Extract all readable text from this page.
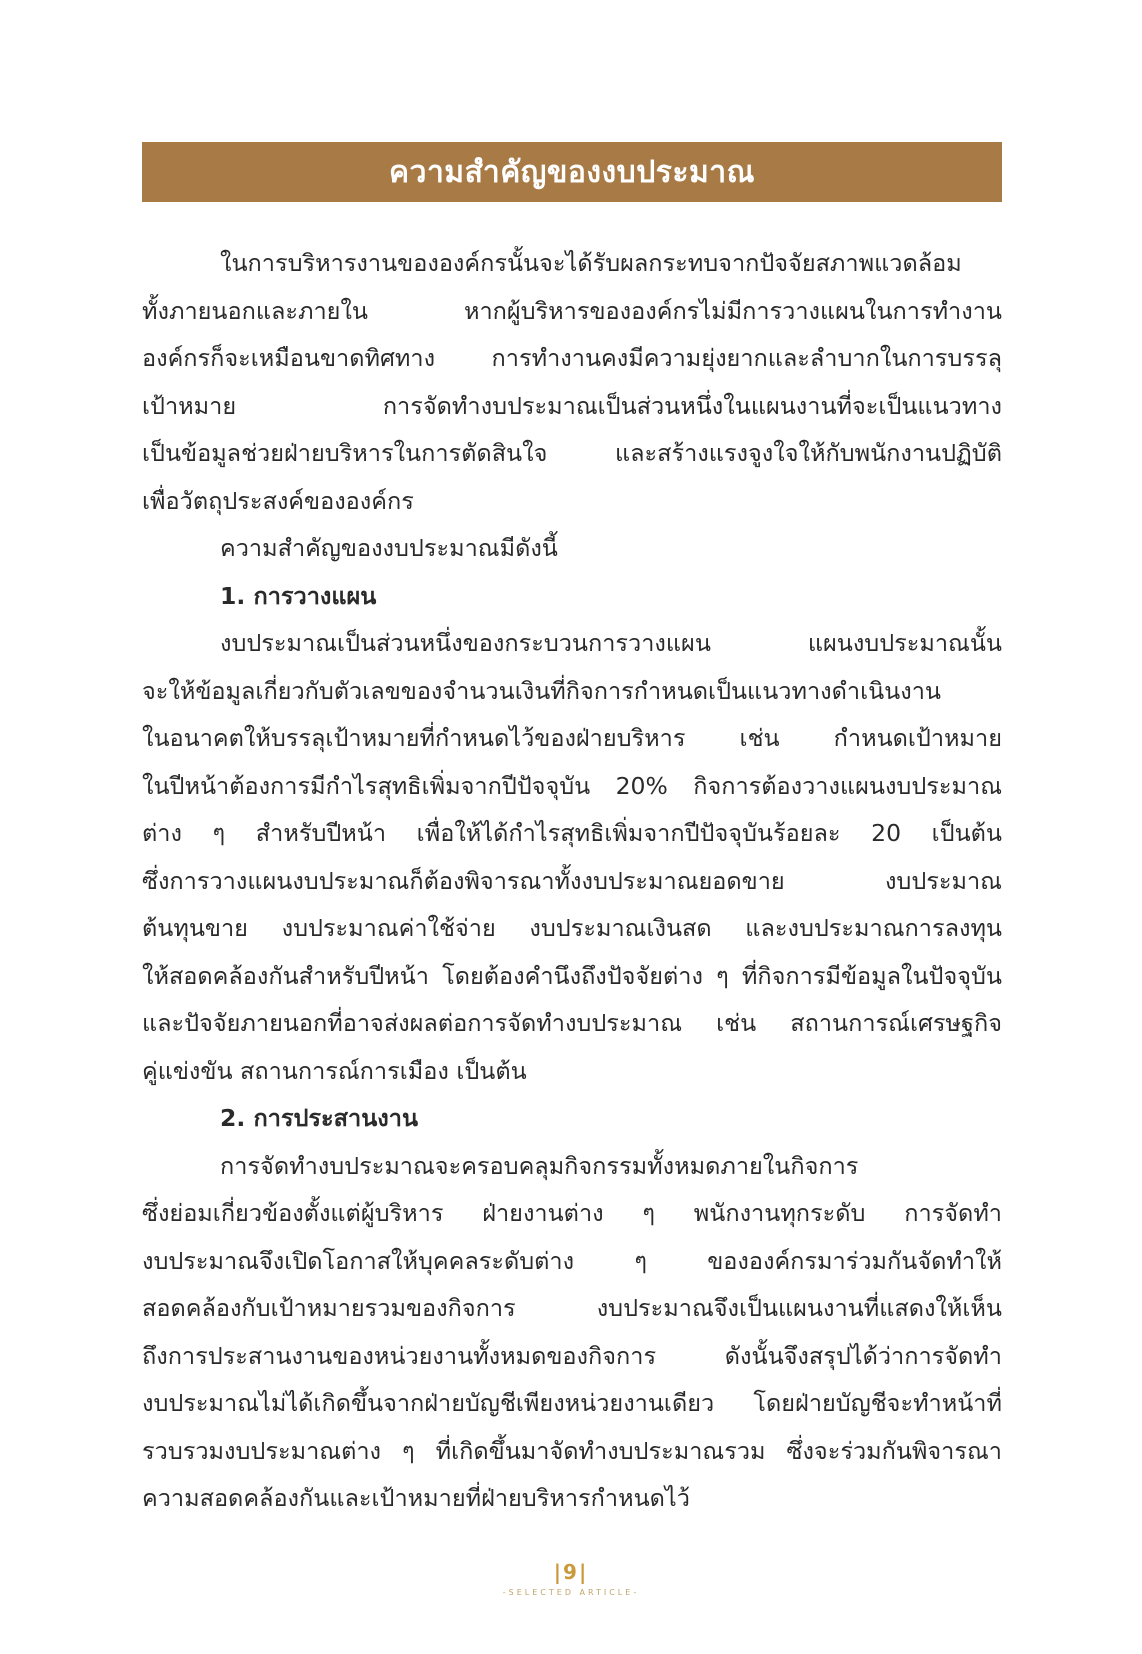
ความสำคัญของงบประมาณ
ในการบริหารงานขององค์กรนั้นจะได้รับผลกระทบจากปัจจัยสภาพแวดล้อม
ทั้งภายนอกและภายใน หากผู้บริหารขององค์กรไม่มีการวางแผนในการทำงาน
องค์กรก็จะเหมือนขาดทิศทาง การทำงานคงมีความยุ่งยากและลำบากในการบรรลุ
เป้าหมาย การจัดทำงบประมาณเป็นส่วนหนึ่งในแผนงานที่จะเป็นแนวทาง
เป็นข้อมูลช่วยฝ่ายบริหารในการตัดสินใจ และสร้างแรงจูงใจให้กับพนักงานปฏิบัติ
เพื่อวัตถุประสงค์ขององค์กร
ความสำคัญของงบประมาณมีดังนี้
1. การวางแผน
งบประมาณเป็นส่วนหนึ่งของกระบวนการวางแผน แผนงบประมาณนั้น
จะให้ข้อมูลเกี่ยวกับตัวเลขของจำนวนเงินที่กิจการกำหนดเป็นแนวทางดำเนินงาน
ในอนาคตให้บรรลุเป้าหมายที่กำหนดไว้ของฝ่ายบริหาร เช่น กำหนดเป้าหมาย
ในปีหน้าต้องการมีกำไรสุทธิเพิ่มจากปีปัจจุบัน 20% กิจการต้องวางแผนงบประมาณ
ต่าง ๆ สำหรับปีหน้า เพื่อให้ได้กำไรสุทธิเพิ่มจากปีปัจจุบันร้อยละ 20 เป็นต้น
ซึ่งการวางแผนงบประมาณก็ต้องพิจารณาทั้งงบประมาณยอดขาย งบประมาณ
ต้นทุนขาย งบประมาณค่าใช้จ่าย งบประมาณเงินสด และงบประมาณการลงทุน
ให้สอดคล้องกันสำหรับปีหน้า โดยต้องคำนึงถึงปัจจัยต่าง ๆ ที่กิจการมีข้อมูลในปัจจุบัน
และปัจจัยภายนอกที่อาจส่งผลต่อการจัดทำงบประมาณ เช่น สถานการณ์เศรษฐกิจ
คู่แข่งขัน สถานการณ์การเมือง เป็นต้น
2. การประสานงาน
การจัดทำงบประมาณจะครอบคลุมกิจกรรมทั้งหมดภายในกิจการ
ซึ่งย่อมเกี่ยวข้องตั้งแต่ผู้บริหาร ฝ่ายงานต่าง ๆ พนักงานทุกระดับ การจัดทำ
งบประมาณจึงเปิดโอกาสให้บุคคลระดับต่าง ๆ ขององค์กรมาร่วมกันจัดทำให้
สอดคล้องกับเป้าหมายรวมของกิจการ งบประมาณจึงเป็นแผนงานที่แสดงให้เห็น
ถึงการประสานงานของหน่วยงานทั้งหมดของกิจการ ดังนั้นจึงสรุปได้ว่าการจัดทำ
งบประมาณไม่ได้เกิดขึ้นจากฝ่ายบัญชีเพียงหน่วยงานเดียว โดยฝ่ายบัญชีจะทำหน้าที่
รวบรวมงบประมาณต่าง ๆ ที่เกิดขึ้นมาจัดทำงบประมาณรวม ซึ่งจะร่วมกันพิจารณา
ความสอดคล้องกันและเป้าหมายที่ฝ่ายบริหารกำหนดไว้
|9|
-SELECTED ARTICLE-
